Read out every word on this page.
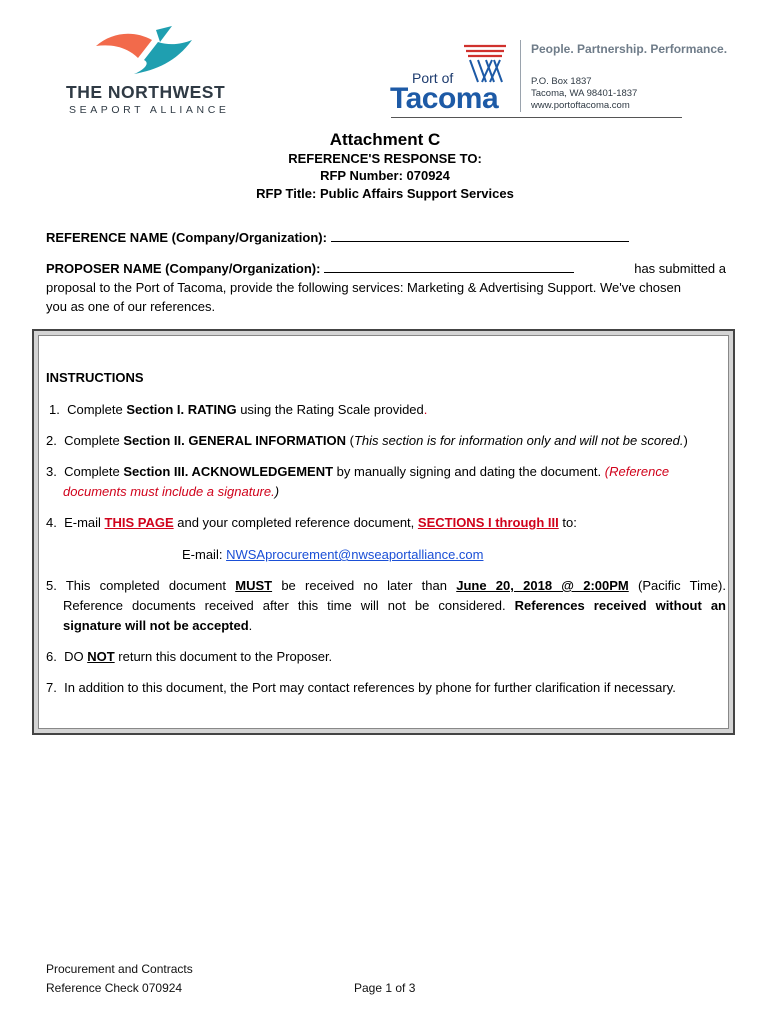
THE NORTHWEST
SEAPORT ALLIANCE
Port of
Tacoma
People. Partnership. Performance.
P.O. Box 1837
Tacoma, WA 98401-1837
www.portoftacoma.com
Attachment C
REFERENCE'S RESPONSE TO:
RFP Number: 070924
RFP Title: Public Affairs Support Services
REFERENCE NAME (Company/Organization):
PROPOSER NAME (Company/Organization):	has submitted a
proposal to the Port of Tacoma, provide the following services: Marketing & Advertising Support. We've chosen
you as one of our references.
INSTRUCTIONS
1. Complete Section I. RATING using the Rating Scale provided.
2. Complete Section II. GENERAL INFORMATION (This section is for information only and will not be scored.)
3. Complete Section III. ACKNOWLEDGEMENT by manually signing and dating the document. (Reference
documents must include a signature.)
4. E-mail THIS PAGE and your completed reference document, SECTIONS I through III to:
E-mail: NWSAprocurement@nwseaportalliance.com
5. This completed document MUST be received no later than June 20, 2018 @ 2:00PM (Pacific Time).
Reference documents received after this time will not be considered. References received without an
signature will not be accepted.
6. DO NOT return this document to the Proposer.
7. In addition to this document, the Port may contact references by phone for further clarification if necessary.
Procurement and Contracts
Reference Check 070924	Page 1 of 3
